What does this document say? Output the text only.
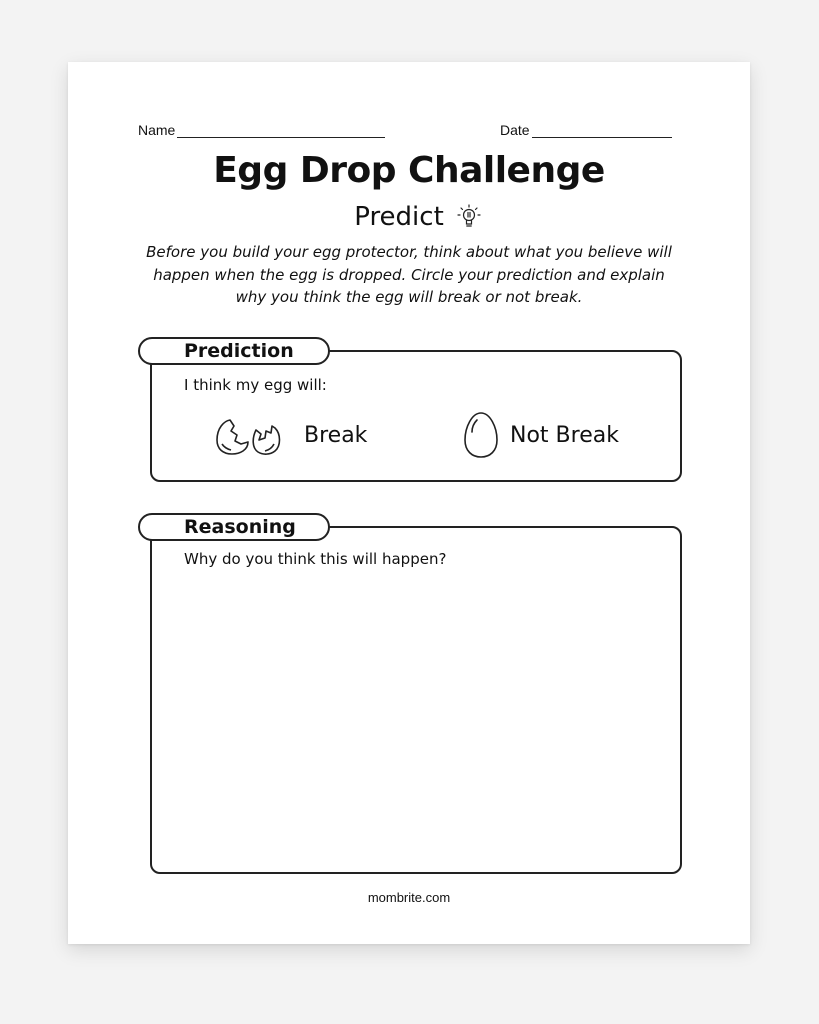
Name	Date
Egg Drop Challenge
Predict
Before you build your egg protector, think about what you believe will happen when the egg is dropped. Circle your prediction and explain why you think the egg will break or not break.
I think my egg will:
Break	Not Break
Prediction
Why do you think this will happen?
Reasoning
mombrite.com
